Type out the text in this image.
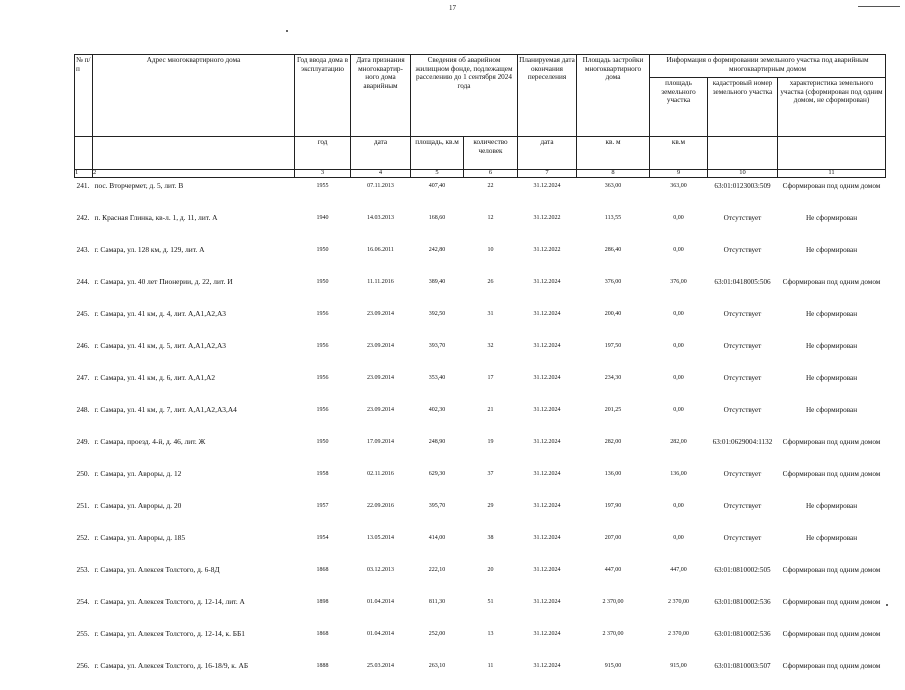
17
№ п/п	Адрес многоквартирного дома	Год ввода дома в эксплуатацию	Дата признания многоквартир-ного дома аварийным	Сведения об аварийном жилищном фонде, подлежащем расселению до 1 сентября 2024 года		Планируемая дата окончания переселения	Площадь застройки многоквартирного дома	Информация о формировании земельного участка под аварийным многоквартирным домом		
								площадь земельного участка	кадастровый номер земельного участка	характеристика земельного участка (сформирован под одним домом, не сформирован)
		год	дата	площадь, кв.м	количество человек	дата	кв. м	кв.м		
1	2	3	4	5	6	7	8	9	10	11
241.	пос. Вторчермет, д. 5, лит. В	1955	07.11.2013	407,40	22	31.12.2024	363,00	363,00	63:01:0123003:509	Сформирован под одним домом
242.	п. Красная Глинка, кв-л. 1, д. 11, лит. А	1940	14.03.2013	168,60	12	31.12.2022	113,55	0,00	Отсутствует	Не сформирован
243.	г. Самара, ул. 128 км, д. 129, лит. А	1950	16.06.2011	242,80	10	31.12.2022	286,40	0,00	Отсутствует	Не сформирован
244.	г. Самара, ул. 40 лет Пионерии, д. 22, лит. И	1950	11.11.2016	389,40	26	31.12.2024	376,00	376,00	63:01:0418005:506	Сформирован под одним домом
245.	г. Самара, ул. 41 км, д. 4, лит. А,А1,А2,А3	1956	23.09.2014	392,50	31	31.12.2024	200,40	0,00	Отсутствует	Не сформирован
246.	г. Самара, ул. 41 км, д. 5, лит. А,А1,А2,А3	1956	23.09.2014	393,70	32	31.12.2024	197,50	0,00	Отсутствует	Не сформирован
247.	г. Самара, ул. 41 км, д. 6, лит. А,А1,А2	1956	23.09.2014	353,40	17	31.12.2024	234,30	0,00	Отсутствует	Не сформирован
248.	г. Самара, ул. 41 км, д. 7, лит. А,А1,А2,А3,А4	1956	23.09.2014	402,30	21	31.12.2024	201,25	0,00	Отсутствует	Не сформирован
249.	г. Самара, проезд. 4-й, д. 46, лит. Ж	1950	17.09.2014	248,90	19	31.12.2024	282,00	282,00	63:01:0629004:1132	Сформирован под одним домом
250.	г. Самара, ул. Авроры, д. 12	1958	02.11.2016	629,30	37	31.12.2024	136,00	136,00	Отсутствует	Сформирован под одним домом
251.	г. Самара, ул. Авроры, д. 20	1957	22.09.2016	395,70	29	31.12.2024	197,90	0,00	Отсутствует	Не сформирован
252.	г. Самара, ул. Авроры, д. 185	1954	13.05.2014	414,00	38	31.12.2024	207,00	0,00	Отсутствует	Не сформирован
253.	г. Самара, ул. Алексея Толстого, д. 6-8Д	1868	03.12.2013	222,10	20	31.12.2024	447,00	447,00	63:01:0810002:505	Сформирован под одним домом
254.	г. Самара, ул. Алексея Толстого, д. 12-14, лит. А	1898	01.04.2014	811,30	51	31.12.2024	2 370,00	2 370,00	63:01:0810002:536	Сформирован под одним домом
255.	г. Самара, ул. Алексея Толстого, д. 12-14, к. ББ1	1868	01.04.2014	252,00	13	31.12.2024	2 370,00	2 370,00	63:01:0810002:536	Сформирован под одним домом
256.	г. Самара, ул. Алексея Толстого, д. 16-18/9, к. АБ	1888	25.03.2014	263,10	11	31.12.2024	915,00	915,00	63:01:0810003:507	Сформирован под одним домом
